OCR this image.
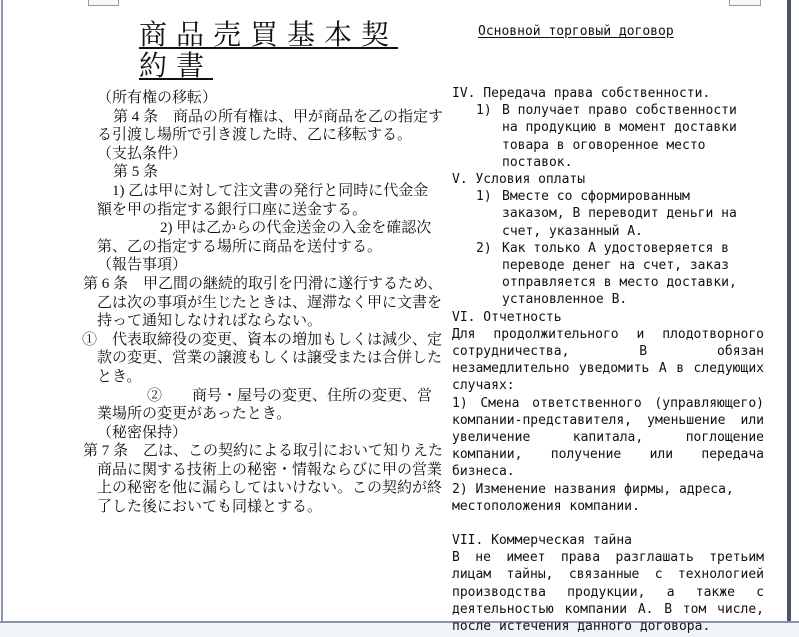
商品売買基本契約書

（所有権の移転）

第 4 条　商品の所有権は、甲が商品を乙の指定する引渡し場所で引き渡した時、乙に移転する。

（支払条件）

第 5 条

1) 乙は甲に対して注文書の発行と同時に代金金額を甲の指定する銀行口座に送金する。

2) 甲は乙からの代金送金の入金を確認次第、乙の指定する場所に商品を送付する。

（報告事項）

第 6 条　甲乙間の継続的取引を円滑に遂行するため、乙は次の事項が生じたときは、遅滞なく甲に文書を持って通知しなければならない。

①　代表取締役の変更、資本の増加もしくは減少、定款の変更、営業の譲渡もしくは譲受または合併したとき。

②　　商号・屋号の変更、住所の変更、営業場所の変更があったとき。

（秘密保持）

第 7 条　乙は、この契約による取引において知りえた商品に関する技術上の秘密・情報ならびに甲の営業上の秘密を他に漏らしてはいけない。この契約が終了した後においても同様とする。

Основной торговый договор

IV. Передача права собственности.

1) В получает право собственности на продукцию в момент доставки товара в оговоренное место поставок.

V. Условия оплаты

1) Вместе со сформированным заказом, В переводит деньги на счет, указанный А.
2) Как только А удостоверяется в переводе денег на счет, заказ отправляется в место доставки, установленное В.

VI. Отчетность

Для продолжительного и плодотворного сотрудничества, В обязан незамедлительно уведомить А в следующих случаях:

1) Смена ответственного (управляющего) компании-представителя, уменьшение или увеличение капитала, поглощение компании, получение или передача бизнеса.

2) Изменение названия фирмы, адреса, местоположения компании.

VII. Коммерческая тайна

В не имеет права разглашать третьим лицам тайны, связанные с технологией производства продукции, а также с деятельностью компании А. В том числе, после истечения данного договора.
